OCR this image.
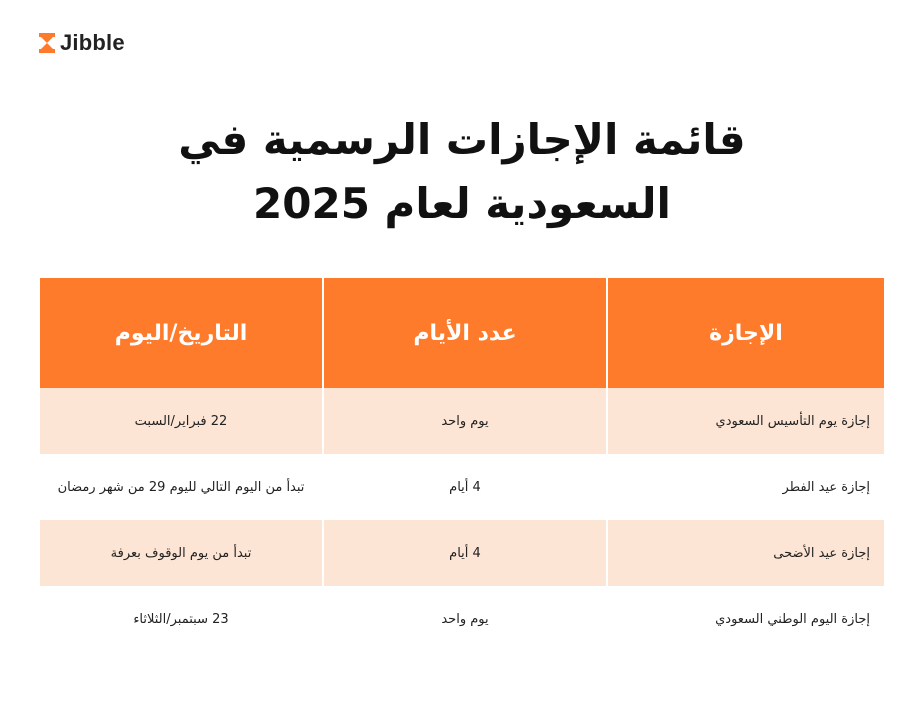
Jibble
قائمة الإجازات الرسمية في
السعودية لعام 2025
الإجازة	عدد الأيام	التاريخ/اليوم
إجازة يوم التأسيس السعودي	يوم واحد	22 فبراير/السبت
إجازة عيد الفطر	4 أيام	تبدأ من اليوم التالي لليوم 29 من شهر رمضان
إجازة عيد الأضحى	4 أيام	تبدأ من يوم الوقوف بعرفة
إجازة اليوم الوطني السعودي	يوم واحد	23 سبتمبر/الثلاثاء
